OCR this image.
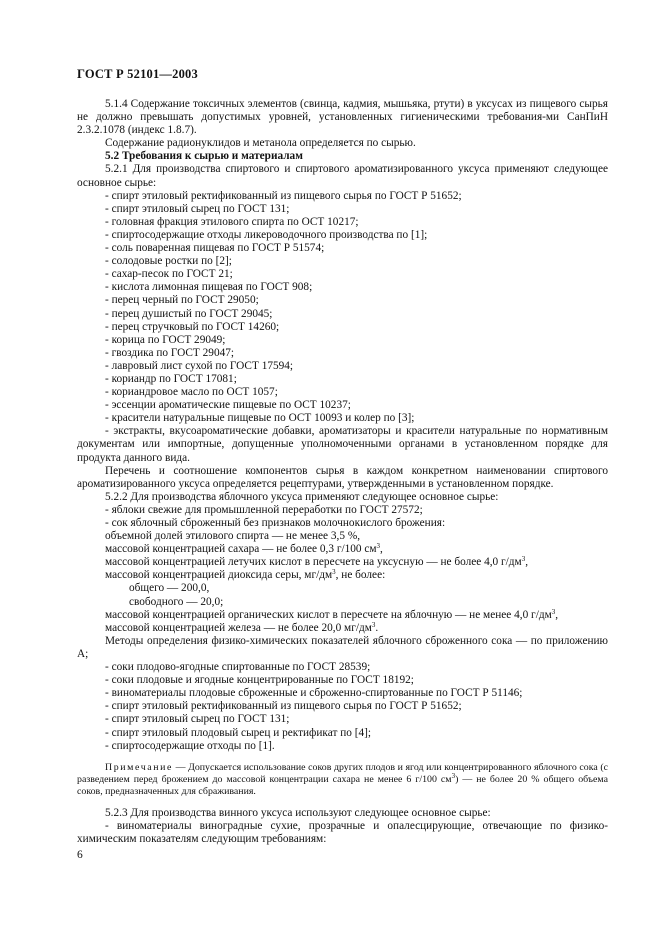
ГОСТ Р 52101—2003

5.1.4 Содержание токсичных элементов (свинца, кадмия, мышьяка, ртути) в уксусах из пищевого сырья не должно превышать допустимых уровней, установленных гигиеническими требования-ми СанПиН 2.3.2.1078 (индекс 1.8.7).

Содержание радионуклидов и метанола определяется по сырью.

5.2 Требования к сырью и материалам

5.2.1 Для производства спиртового и спиртового ароматизированного уксуса применяют следующее основное сырье:

- спирт этиловый ректификованный из пищевого сырья по ГОСТ Р 51652;

- спирт этиловый сырец по ГОСТ 131;

- головная фракция этилового спирта по ОСТ 10217;

- спиртосодержащие отходы ликероводочного производства по [1];

- соль поваренная пищевая по ГОСТ Р 51574;

- солодовые ростки по [2];

- сахар-песок по ГОСТ 21;

- кислота лимонная пищевая по ГОСТ 908;

- перец черный по ГОСТ 29050;

- перец душистый по ГОСТ 29045;

- перец стручковый по ГОСТ 14260;

- корица по ГОСТ 29049;

- гвоздика по ГОСТ 29047;

- лавровый лист сухой по ГОСТ 17594;

- кориандр по ГОСТ 17081;

- кориандровое масло по ОСТ 1057;

- эссенции ароматические пищевые по ОСТ 10237;

- красители натуральные пищевые по ОСТ 10093 и колер по [3];

- экстракты, вкусоароматические добавки, ароматизаторы и красители натуральные по нормативным документам или импортные, допущенные уполномоченными органами в установленном порядке для продукта данного вида.

Перечень и соотношение компонентов сырья в каждом конкретном наименовании спиртового ароматизированного уксуса определяется рецептурами, утвержденными в установленном порядке.

5.2.2 Для производства яблочного уксуса применяют следующее основное сырье:

- яблоки свежие для промышленной переработки по ГОСТ 27572;

- сок яблочный сброженный без признаков молочнокислого брожения:

объемной долей этилового спирта — не менее 3,5 %,

массовой концентрацией сахара — не более 0,3 г/100 $см^3$,

массовой концентрацией летучих кислот в пересчете на уксусную — не более 4,0 $г/дм^3$,

массовой концентрацией диоксида серы, $мг/дм^3$, не более:

общего — 200,0,

свободного — 20,0;

массовой концентрацией органических кислот в пересчете на яблочную — не менее 4,0 $г/дм^3$,

массовой концентрацией железа — не более 20,0 $мг/дм^3$.

Методы определения физико-химических показателей яблочного сброженного сока — по приложению А;

- соки плодово-ягодные спиртованные по ГОСТ 28539;

- соки плодовые и ягодные концентрированные по ГОСТ 18192;

- виноматериалы плодовые сброженные и сброженно-спиртованные по ГОСТ Р 51146;

- спирт этиловый ректификованный из пищевого сырья по ГОСТ Р 51652;

- спирт этиловый сырец по ГОСТ 131;

- спирт этиловый плодовый сырец и ректификат по [4];

- спиртосодержащие отходы по [1].

Примечание — Допускается использование соков других плодов и ягод или концентрированного яблочного сока (с разведением перед брожением до массовой концентрации сахара не менее 6 г/100 $см^3$) — не более 20 % общего объема соков, предназначенных для сбраживания.

5.2.3 Для производства винного уксуса используют следующее основное сырье:

- виноматериалы виноградные сухие, прозрачные и опалесцирующие, отвечающие по физико-химическим показателям следующим требованиям:

6
